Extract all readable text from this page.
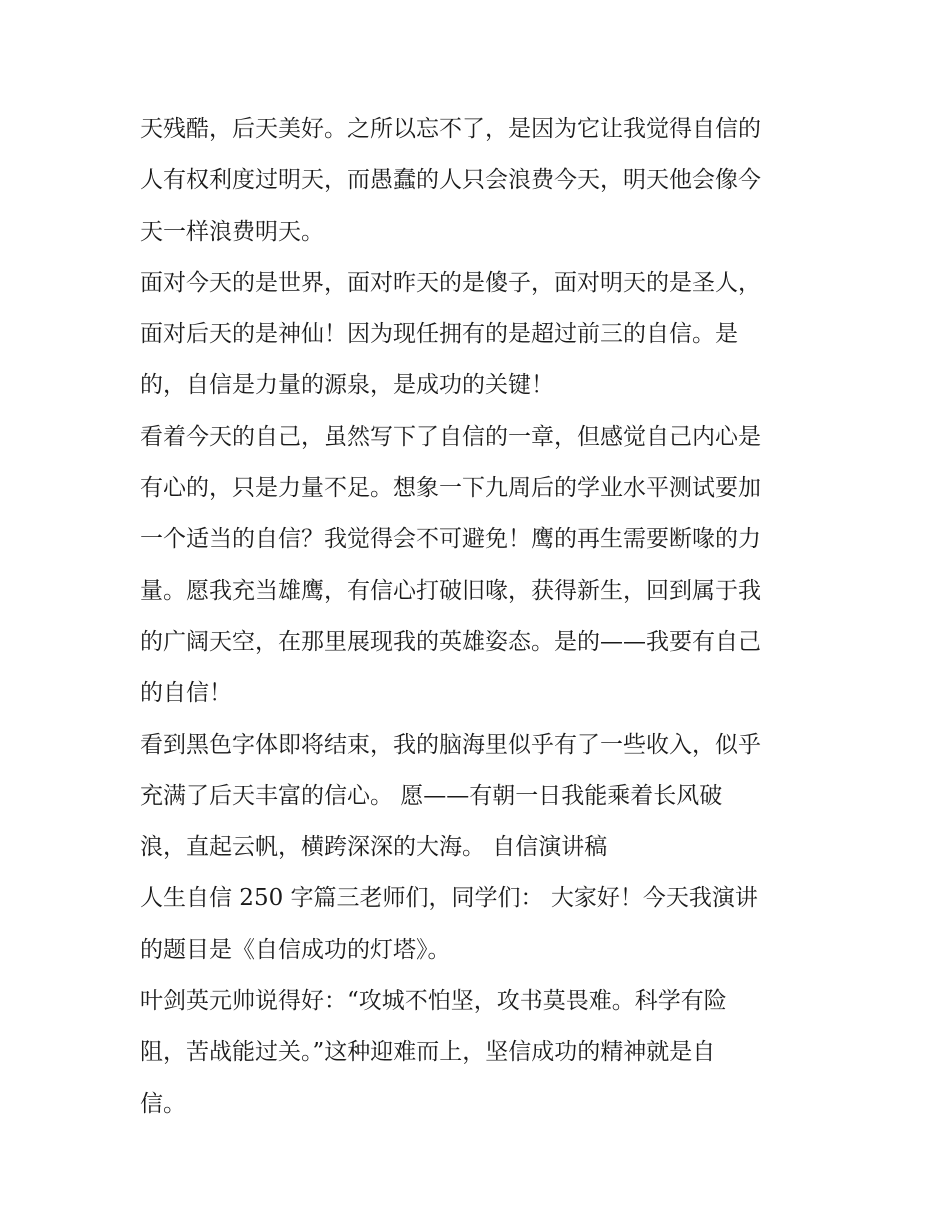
天残酷，后天美好。之所以忘不了，是因为它让我觉得自信的
人有权利度过明天，而愚蠢的人只会浪费今天，明天他会像今
天一样浪费明天。
面对今天的是世界，面对昨天的是傻子，面对明天的是圣人，
面对后天的是神仙！因为现任拥有的是超过前三的自信。是
的，自信是力量的源泉，是成功的关键！
看着今天的自己，虽然写下了自信的一章，但感觉自己内心是
有心的，只是力量不足。想象一下九周后的学业水平测试要加
一个适当的自信？我觉得会不可避免！鹰的再生需要断喙的力
量。愿我充当雄鹰，有信心打破旧喙，获得新生，回到属于我
的广阔天空，在那里展现我的英雄姿态。是的——我要有自己
的自信！
看到黑色字体即将结束，我的脑海里似乎有了一些收入，似乎
充满了后天丰富的信心。 愿——有朝一日我能乘着长风破
浪，直起云帆，横跨深深的大海。 自信演讲稿
人生自信 250 字篇三老师们，同学们： 大家好！今天我演讲
的题目是《自信成功的灯塔》。
叶剑英元帅说得好：“攻城不怕坚，攻书莫畏难。科学有险
阻，苦战能过关。”这种迎难而上，坚信成功的精神就是自
信。
